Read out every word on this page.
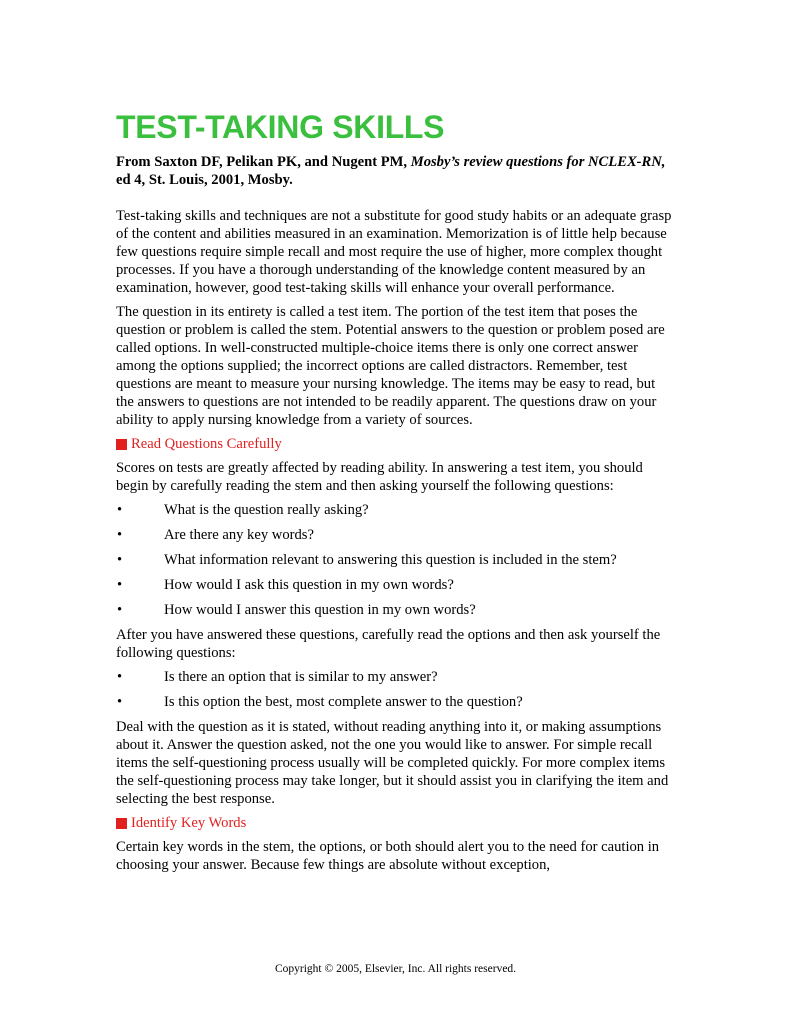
TEST-TAKING SKILLS
From Saxton DF, Pelikan PK, and Nugent PM, Mosby’s review questions for NCLEX-RN, ed 4, St. Louis, 2001, Mosby.

Test-taking skills and techniques are not a substitute for good study habits or an adequate grasp of the content and abilities measured in an examination. Memorization is of little help because few questions require simple recall and most require the use of higher, more complex thought processes. If you have a thorough understanding of the knowledge content measured by an examination, however, good test-taking skills will enhance your overall performance.

The question in its entirety is called a test item. The portion of the test item that poses the question or problem is called the stem. Potential answers to the question or problem posed are called options. In well-constructed multiple-choice items there is only one correct answer among the options supplied; the incorrect options are called distractors. Remember, test questions are meant to measure your nursing knowledge. The items may be easy to read, but the answers to questions are not intended to be readily apparent. The questions draw on your ability to apply nursing knowledge from a variety of sources.

Read Questions Carefully

Scores on tests are greatly affected by reading ability. In answering a test item, you should begin by carefully reading the stem and then asking yourself the following questions:

•	What is the question really asking?
•	Are there any key words?
•	What information relevant to answering this question is included in the stem?
•	How would I ask this question in my own words?
•	How would I answer this question in my own words?

After you have answered these questions, carefully read the options and then ask yourself the following questions:

•	Is there an option that is similar to my answer?
•	Is this option the best, most complete answer to the question?

Deal with the question as it is stated, without reading anything into it, or making assumptions about it. Answer the question asked, not the one you would like to answer. For simple recall items the self-questioning process usually will be completed quickly. For more complex items the self-questioning process may take longer, but it should assist you in clarifying the item and selecting the best response.

Identify Key Words

Certain key words in the stem, the options, or both should alert you to the need for caution in choosing your answer. Because few things are absolute without exception,

Copyright © 2005, Elsevier, Inc. All rights reserved.
